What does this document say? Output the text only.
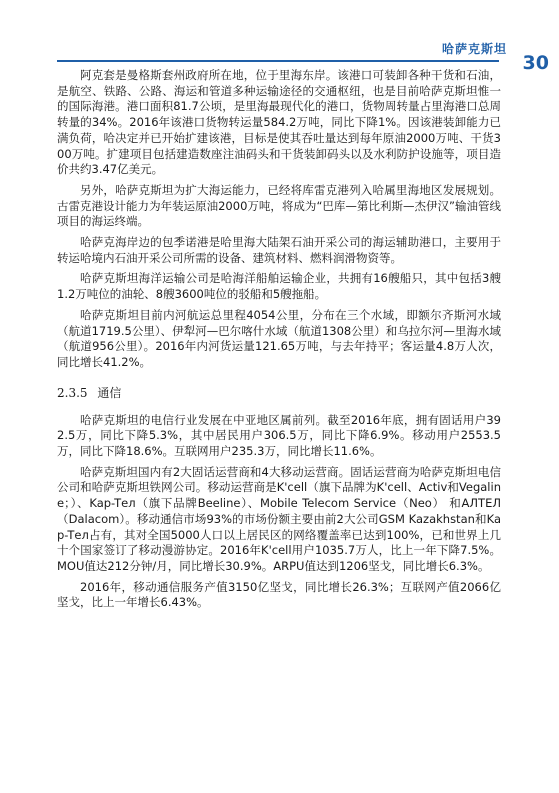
哈萨克斯坦
30

阿克套是曼格斯套州政府所在地，位于里海东岸。该港口可装卸各种干货和石油，是航空、铁路、公路、海运和管道多种运输途径的交通枢纽，也是目前哈萨克斯坦惟一的国际海港。港口面积81.7公顷，是里海最现代化的港口，货物周转量占里海港口总周转量的34%。2016年该港口货物转运量584.2万吨，同比下降1%。因该港装卸能力已满负荷，哈决定并已开始扩建该港，目标是使其吞吐量达到每年原油2000万吨、干货300万吨。扩建项目包括建造数座注油码头和干货装卸码头以及水利防护设施等，项目造价共约3.47亿美元。

另外，哈萨克斯坦为扩大海运能力，已经将库雷克港列入哈属里海地区发展规划。古雷克港设计能力为年装运原油2000万吨，将成为“巴库—第比利斯—杰伊汉”输油管线项目的海运终端。

哈萨克海岸边的包季诺港是哈里海大陆架石油开采公司的海运辅助港口，主要用于转运哈境内石油开采公司所需的设备、建筑材料、燃料润滑物资等。

哈萨克斯坦海洋运输公司是哈海洋船舶运输企业，共拥有16艘船只，其中包括3艘1.2万吨位的油轮、8艘3600吨位的驳船和5艘拖船。

哈萨克斯坦目前内河航运总里程4054公里，分布在三个水域，即额尔齐斯河水域（航道1719.5公里）、伊犁河—巴尔喀什水域（航道1308公里）和乌拉尔河—里海水域（航道956公里）。2016年内河货运量121.65万吨，与去年持平；客运量4.8万人次，同比增长41.2%。

2.3.5 通信

哈萨克斯坦的电信行业发展在中亚地区属前列。截至2016年底，拥有固话用户392.5万，同比下降5.3%，其中居民用户306.5万，同比下降6.9%。移动用户2553.5万，同比下降18.6%。互联网用户235.3万，同比增长11.6%。

哈萨克斯坦国内有2大固话运营商和4大移动运营商。固话运营商为哈萨克斯坦电信公司和哈萨克斯坦铁网公司。移动运营商是K'cell（旗下品牌为K'cell、Activ和Vegaline；）、Kap-Tел（旗下品牌Beeline）、Mobile Telecom Service（Neo） 和АЛТЕЛ（Dalacom）。移动通信市场93%的市场份额主要由前2大公司GSM Kazakhstan和Kap-Tел占有，其对全国5000人口以上居民区的网络覆盖率已达到100%，已和世界上几十个国家签订了移动漫游协定。2016年K'cell用户1035.7万人，比上一年下降7.5%。MOU值达212分钟/月，同比增长30.9%。ARPU值达到1206坚戈，同比增长6.3%。

2016年，移动通信服务产值3150亿坚戈，同比增长26.3%；互联网产值2066亿坚戈，比上一年增长6.43%。
